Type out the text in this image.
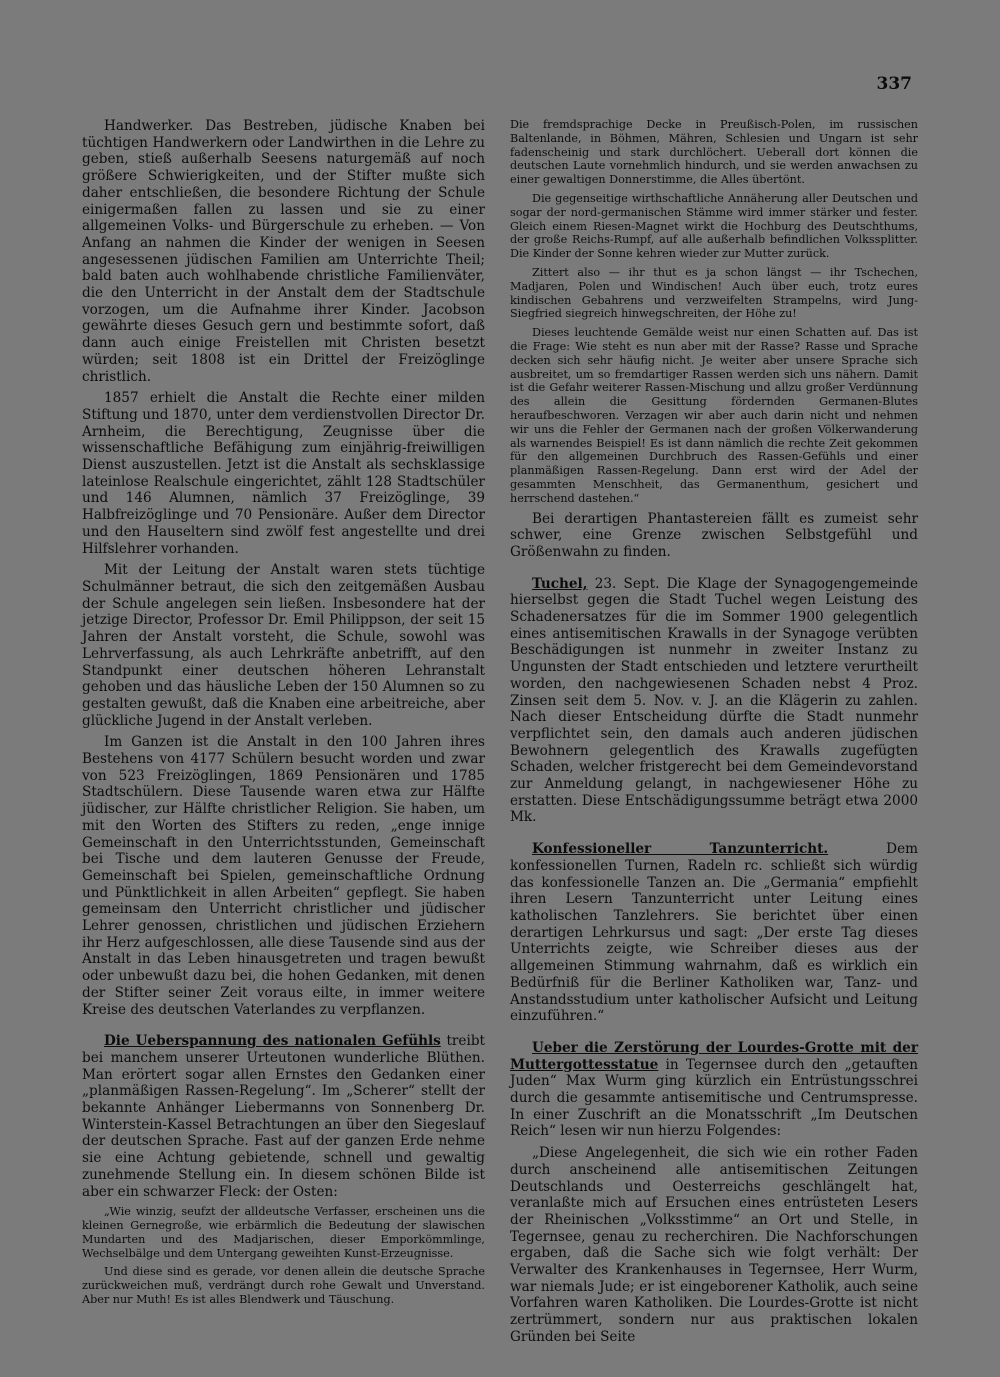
337

Handwerker. Das Bestreben, jüdische Knaben bei tüchtigen Handwerkern oder Landwirthen in die Lehre zu geben, stieß außerhalb Seesens naturgemäß auf noch größere Schwierigkeiten, und der Stifter mußte sich daher entschließen, die besondere Richtung der Schule einigermaßen fallen zu lassen und sie zu einer allgemeinen Volks- und Bürgerschule zu erheben. — Von Anfang an nahmen die Kinder der wenigen in Seesen angesessenen jüdischen Familien am Unterrichte Theil; bald baten auch wohlhabende christliche Familienväter, die den Unterricht in der Anstalt dem der Stadtschule vorzogen, um die Aufnahme ihrer Kinder. Jacobson gewährte dieses Gesuch gern und bestimmte sofort, daß dann auch einige Freistellen mit Christen besetzt würden; seit 1808 ist ein Drittel der Freizöglinge christlich.

1857 erhielt die Anstalt die Rechte einer milden Stiftung und 1870, unter dem verdienstvollen Director Dr. Arnheim, die Berechtigung, Zeugnisse über die wissenschaftliche Befähigung zum einjährig-freiwilligen Dienst auszustellen. Jetzt ist die Anstalt als sechsklassige lateinlose Realschule eingerichtet, zählt 128 Stadtschüler und 146 Alumnen, nämlich 37 Freizöglinge, 39 Halbfreizöglinge und 70 Pensionäre. Außer dem Director und den Hauseltern sind zwölf fest angestellte und drei Hilfslehrer vorhanden.

Mit der Leitung der Anstalt waren stets tüchtige Schulmänner betraut, die sich den zeitgemäßen Ausbau der Schule angelegen sein ließen. Insbesondere hat der jetzige Director, Professor Dr. Emil Philippson, der seit 15 Jahren der Anstalt vorsteht, die Schule, sowohl was Lehrverfassung, als auch Lehrkräfte anbetrifft, auf den Standpunkt einer deutschen höheren Lehranstalt gehoben und das häusliche Leben der 150 Alumnen so zu gestalten gewußt, daß die Knaben eine arbeitreiche, aber glückliche Jugend in der Anstalt verleben.

Im Ganzen ist die Anstalt in den 100 Jahren ihres Bestehens von 4177 Schülern besucht worden und zwar von 523 Freizöglingen, 1869 Pensionären und 1785 Stadtschülern. Diese Tausende waren etwa zur Hälfte jüdischer, zur Hälfte christlicher Religion. Sie haben, um mit den Worten des Stifters zu reden, „enge innige Gemeinschaft in den Unterrichtsstunden, Gemeinschaft bei Tische und dem lauteren Genusse der Freude, Gemeinschaft bei Spielen, gemeinschaftliche Ordnung und Pünktlichkeit in allen Arbeiten“ gepflegt. Sie haben gemeinsam den Unterricht christlicher und jüdischer Lehrer genossen, christlichen und jüdischen Erziehern ihr Herz aufgeschlossen, alle diese Tausende sind aus der Anstalt in das Leben hinausgetreten und tragen bewußt oder unbewußt dazu bei, die hohen Gedanken, mit denen der Stifter seiner Zeit voraus eilte, in immer weitere Kreise des deutschen Vaterlandes zu verpflanzen.

Die Ueberspannung des nationalen Gefühls treibt bei manchem unserer Urteutonen wunderliche Blüthen. Man erörtert sogar allen Ernstes den Gedanken einer „planmäßigen Rassen-Regelung“. Im „Scherer“ stellt der bekannte Anhänger Liebermanns von Sonnenberg Dr. Winterstein-Kassel Betrachtungen an über den Siegeslauf der deutschen Sprache. Fast auf der ganzen Erde nehme sie eine Achtung gebietende, schnell und gewaltig zunehmende Stellung ein. In diesem schönen Bilde ist aber ein schwarzer Fleck: der Osten:

„Wie winzig, seufzt der alldeutsche Verfasser, erscheinen uns die kleinen Gernegroße, wie erbärmlich die Bedeutung der slawischen Mundarten und des Madjarischen, dieser Emporkömmlinge, Wechselbälge und dem Untergang geweihten Kunst-Erzeugnisse.

Und diese sind es gerade, vor denen allein die deutsche Sprache zurückweichen muß, verdrängt durch rohe Gewalt und Unverstand. Aber nur Muth! Es ist alles Blendwerk und Täuschung.

Die fremdsprachige Decke in Preußisch-Polen, im russischen Baltenlande, in Böhmen, Mähren, Schlesien und Ungarn ist sehr fadenscheinig und stark durchlöchert. Ueberall dort können die deutschen Laute vornehmlich hindurch, und sie werden anwachsen zu einer gewaltigen Donnerstimme, die Alles übertönt.

Die gegenseitige wirthschaftliche Annäherung aller Deutschen und sogar der nord-germanischen Stämme wird immer stärker und fester. Gleich einem Riesen-Magnet wirkt die Hochburg des Deutschthums, der große Reichs-Rumpf, auf alle außerhalb befindlichen Volkssplitter. Die Kinder der Sonne kehren wieder zur Mutter zurück.

Zittert also — ihr thut es ja schon längst — ihr Tschechen, Madjaren, Polen und Windischen! Auch über euch, trotz eures kindischen Gebahrens und verzweifelten Strampelns, wird Jung-Siegfried siegreich hinwegschreiten, der Höhe zu!

Dieses leuchtende Gemälde weist nur einen Schatten auf. Das ist die Frage: Wie steht es nun aber mit der Rasse? Rasse und Sprache decken sich sehr häufig nicht. Je weiter aber unsere Sprache sich ausbreitet, um so fremdartiger Rassen werden sich uns nähern. Damit ist die Gefahr weiterer Rassen-Mischung und allzu großer Verdünnung des allein die Gesittung fördernden Germanen-Blutes heraufbeschworen. Verzagen wir aber auch darin nicht und nehmen wir uns die Fehler der Germanen nach der großen Völkerwanderung als warnendes Beispiel! Es ist dann nämlich die rechte Zeit gekommen für den allgemeinen Durchbruch des Rassen-Gefühls und einer planmäßigen Rassen-Regelung. Dann erst wird der Adel der gesammten Menschheit, das Germanenthum, gesichert und herrschend dastehen.“

Bei derartigen Phantastereien fällt es zumeist sehr schwer, eine Grenze zwischen Selbstgefühl und Größenwahn zu finden.

Tuchel, 23. Sept. Die Klage der Synagogengemeinde hierselbst gegen die Stadt Tuchel wegen Leistung des Schadenersatzes für die im Sommer 1900 gelegentlich eines antisemitischen Krawalls in der Synagoge verübten Beschädigungen ist nunmehr in zweiter Instanz zu Ungunsten der Stadt entschieden und letztere verurtheilt worden, den nachgewiesenen Schaden nebst 4 Proz. Zinsen seit dem 5. Nov. v. J. an die Klägerin zu zahlen. Nach dieser Entscheidung dürfte die Stadt nunmehr verpflichtet sein, den damals auch anderen jüdischen Bewohnern gelegentlich des Krawalls zugefügten Schaden, welcher fristgerecht bei dem Gemeindevorstand zur Anmeldung gelangt, in nachgewiesener Höhe zu erstatten. Diese Entschädigungssumme beträgt etwa 2000 Mk.

Konfessioneller Tanzunterricht. Dem konfessionellen Turnen, Radeln rc. schließt sich würdig das konfessionelle Tanzen an. Die „Germania“ empfiehlt ihren Lesern Tanzunterricht unter Leitung eines katholischen Tanzlehrers. Sie berichtet über einen derartigen Lehrkursus und sagt: „Der erste Tag dieses Unterrichts zeigte, wie Schreiber dieses aus der allgemeinen Stimmung wahrnahm, daß es wirklich ein Bedürfniß für die Berliner Katholiken war, Tanz- und Anstandsstudium unter katholischer Aufsicht und Leitung einzuführen.“

Ueber die Zerstörung der Lourdes-Grotte mit der Muttergottesstatue in Tegernsee durch den „getauften Juden“ Max Wurm ging kürzlich ein Entrüstungsschrei durch die gesammte antisemitische und Centrumspresse. In einer Zuschrift an die Monatsschrift „Im Deutschen Reich“ lesen wir nun hierzu Folgendes:

„Diese Angelegenheit, die sich wie ein rother Faden durch anscheinend alle antisemitischen Zeitungen Deutschlands und Oesterreichs geschlängelt hat, veranlaßte mich auf Ersuchen eines entrüsteten Lesers der Rheinischen „Volksstimme“ an Ort und Stelle, in Tegernsee, genau zu recherchiren. Die Nachforschungen ergaben, daß die Sache sich wie folgt verhält: Der Verwalter des Krankenhauses in Tegernsee, Herr Wurm, war niemals Jude; er ist eingeborener Katholik, auch seine Vorfahren waren Katholiken. Die Lourdes-Grotte ist nicht zertrümmert, sondern nur aus praktischen lokalen Gründen bei Seite
